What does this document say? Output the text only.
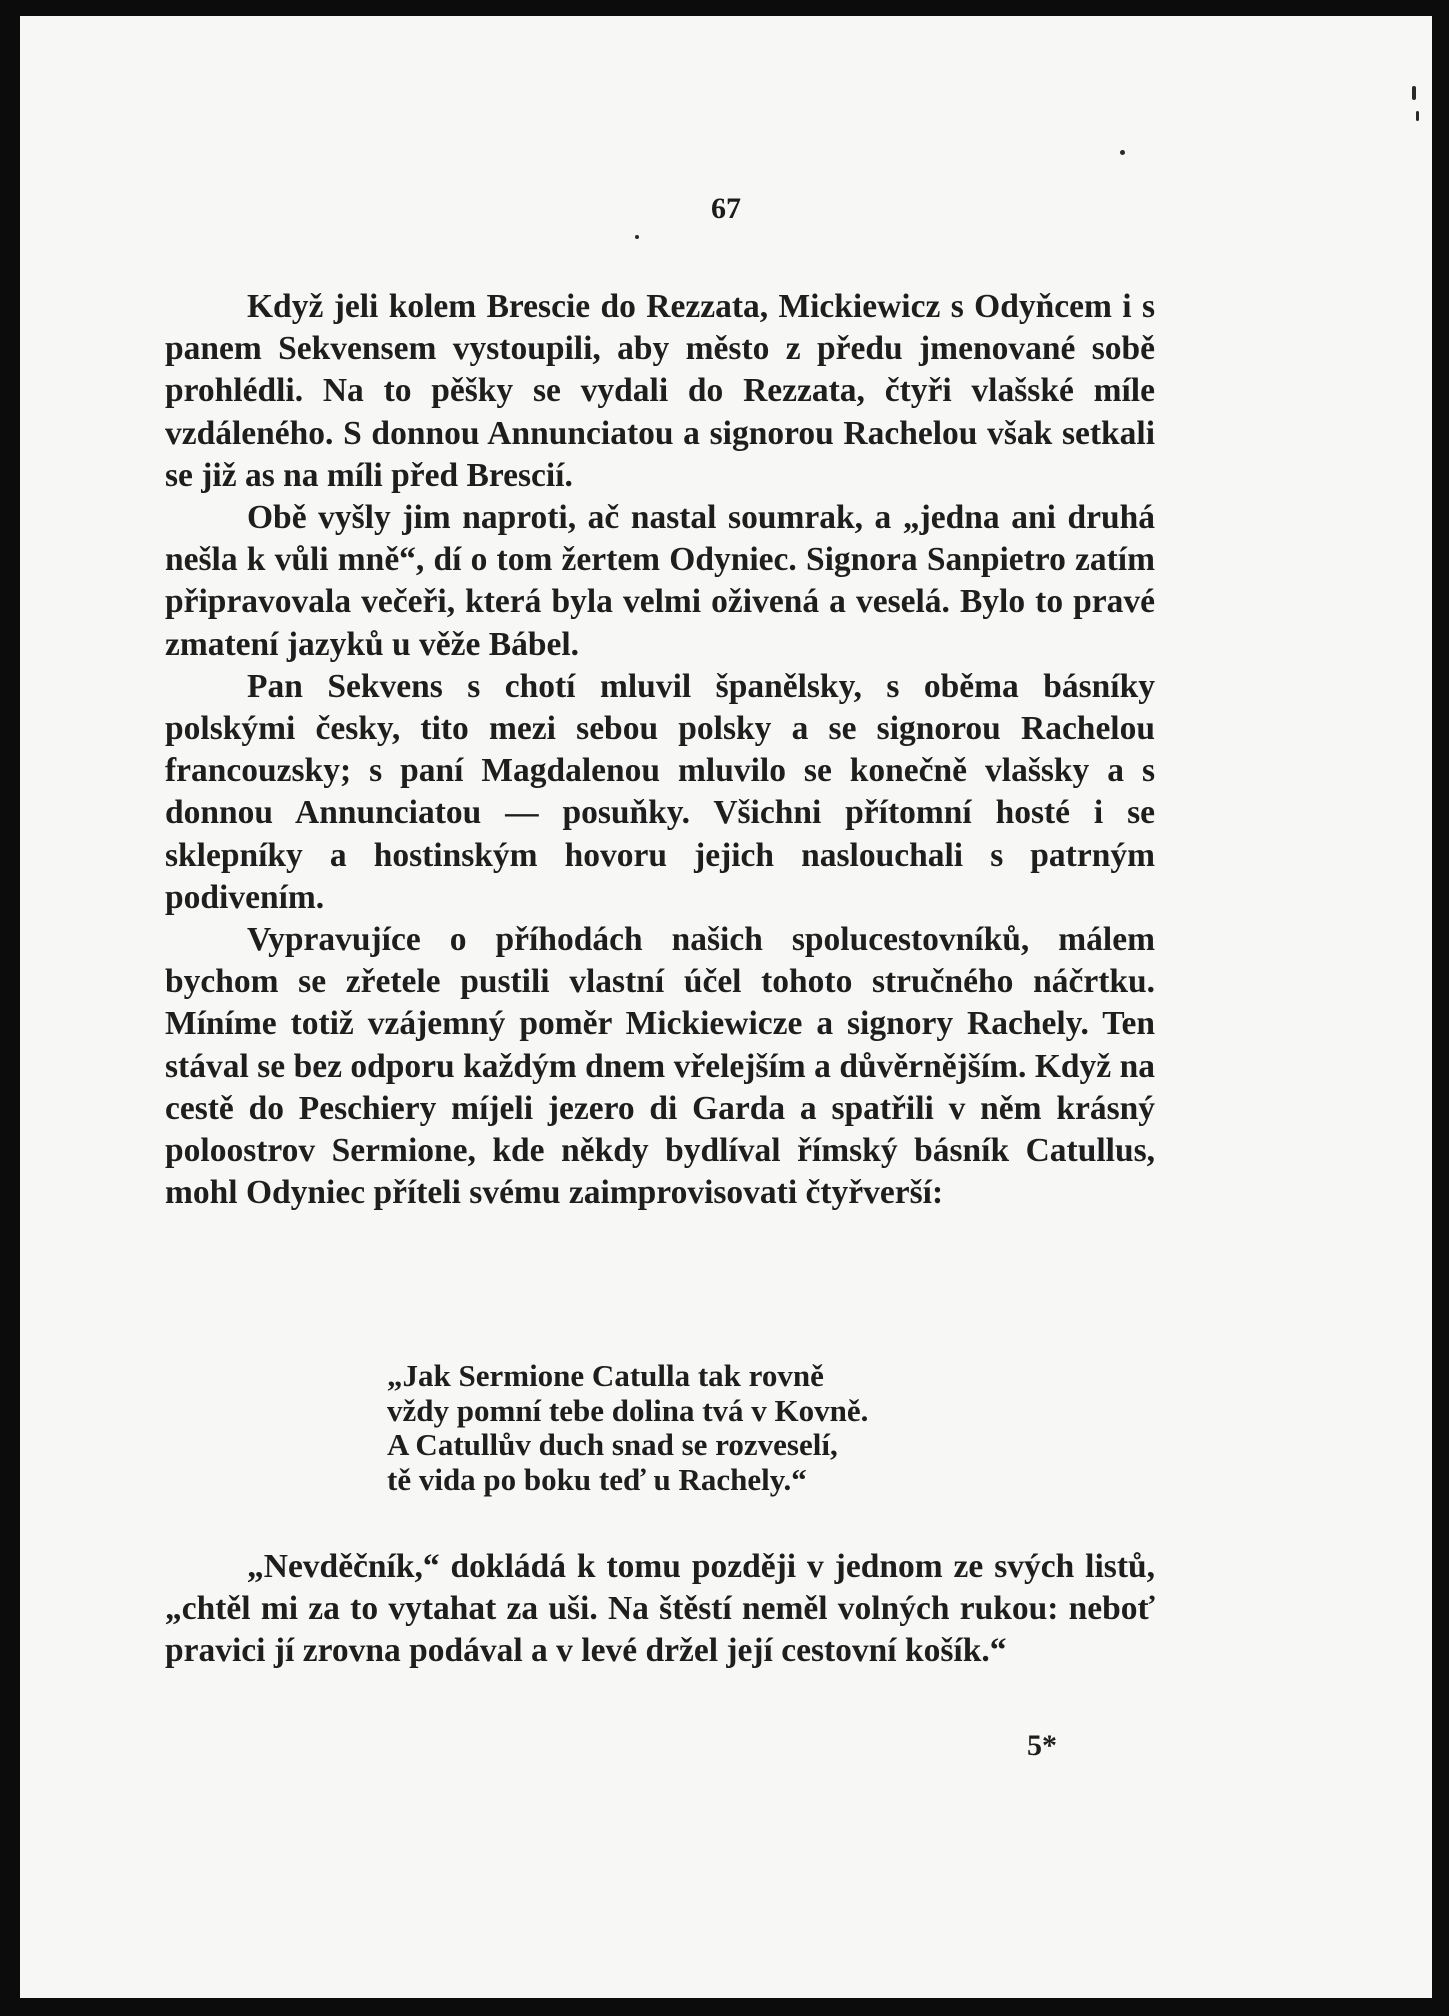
67

Když jeli kolem Brescie do Rezzata, Mickiewicz s Odyňcem i s panem Sekvensem vystoupili, aby město z předu jmenované sobě prohlédli. Na to pěšky se vydali do Rezzata, čtyři vlašské míle vzdáleného. S donnou Annunciatou a signorou Rachelou však setkali se již as na míli před Brescií.

Obě vyšly jim naproti, ač nastal soumrak, a „jedna ani druhá nešla k vůli mně“, dí o tom žertem Odyniec. Signora Sanpietro zatím připravovala večeři, která byla velmi oživená a veselá. Bylo to pravé zmatení jazyků u věže Bábel.

Pan Sekvens s chotí mluvil španělsky, s oběma básníky polskými česky, tito mezi sebou polsky a se signorou Rachelou francouzsky; s paní Magdalenou mluvilo se konečně vlašsky a s donnou Annunciatou — posuňky. Všichni přítomní hosté i se sklepníky a hostinským hovoru jejich naslouchali s patrným podivením.

Vypravujíce o příhodách našich spolucestovníků, málem bychom se zřetele pustili vlastní účel tohoto stručného náčrtku. Míníme totiž vzájemný poměr Mickiewicze a signory Rachely. Ten stával se bez odporu každým dnem vřelejším a důvěrnějším. Když na cestě do Peschiery míjeli jezero di Garda a spatřili v něm krásný poloostrov Sermione, kde někdy bydlíval římský básník Catullus, mohl Odyniec příteli svému zaimprovisovati čtyřverší:

„Jak Sermione Catulla tak rovně
vždy pomní tebe dolina tvá v Kovně.
A Catullův duch snad se rozveselí,
tě vida po boku teď u Rachely.“

„Nevděčník,“ dokládá k tomu později v jednom ze svých listů, „chtěl mi za to vytahat za uši. Na štěstí neměl volných rukou: neboť pravici jí zrovna podával a v levé držel její cestovní košík.“

5*
